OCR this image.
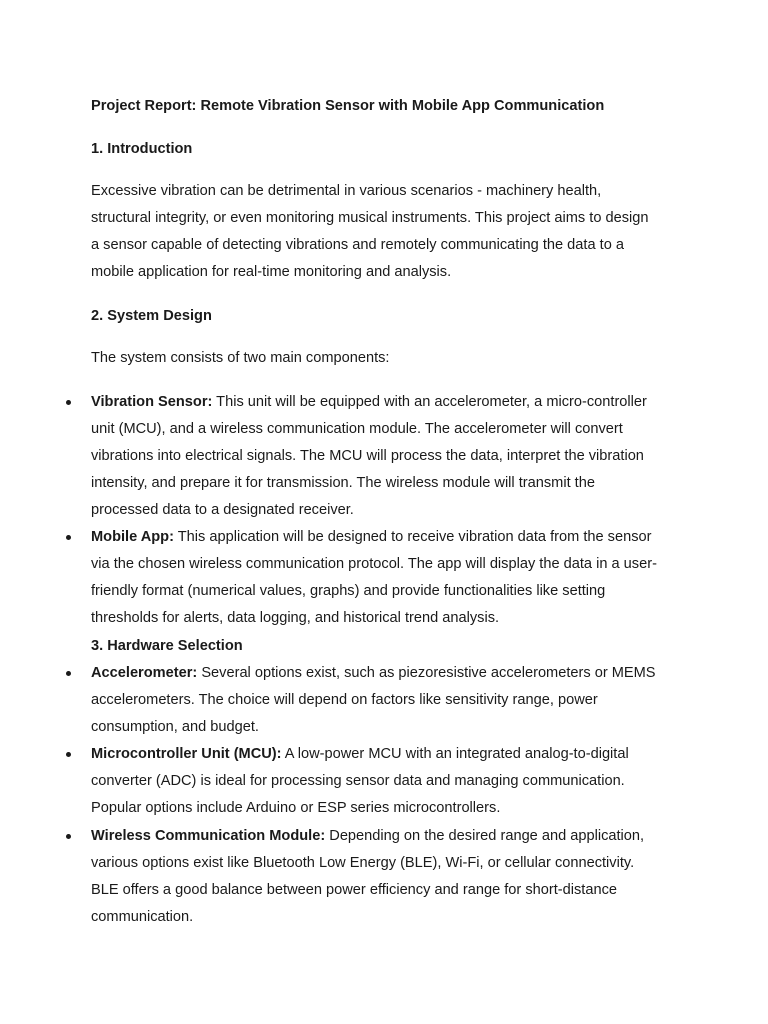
Project Report: Remote Vibration Sensor with Mobile App Communication
1. Introduction
Excessive vibration can be detrimental in various scenarios - machinery health,
structural integrity, or even monitoring musical instruments. This project aims to design
a sensor capable of detecting vibrations and remotely communicating the data to a
mobile application for real-time monitoring and analysis.
2. System Design
The system consists of two main components:
Vibration Sensor: This unit will be equipped with an accelerometer, a micro-controller
unit (MCU), and a wireless communication module. The accelerometer will convert
vibrations into electrical signals. The MCU will process the data, interpret the vibration
intensity, and prepare it for transmission. The wireless module will transmit the
processed data to a designated receiver.
Mobile App: This application will be designed to receive vibration data from the sensor
via the chosen wireless communication protocol. The app will display the data in a user-
friendly format (numerical values, graphs) and provide functionalities like setting
thresholds for alerts, data logging, and historical trend analysis.
3. Hardware Selection
Accelerometer: Several options exist, such as piezoresistive accelerometers or MEMS
accelerometers. The choice will depend on factors like sensitivity range, power
consumption, and budget.
Microcontroller Unit (MCU): A low-power MCU with an integrated analog-to-digital
converter (ADC) is ideal for processing sensor data and managing communication.
Popular options include Arduino or ESP series microcontrollers.
Wireless Communication Module: Depending on the desired range and application,
various options exist like Bluetooth Low Energy (BLE), Wi-Fi, or cellular connectivity.
BLE offers a good balance between power efficiency and range for short-distance
communication.
